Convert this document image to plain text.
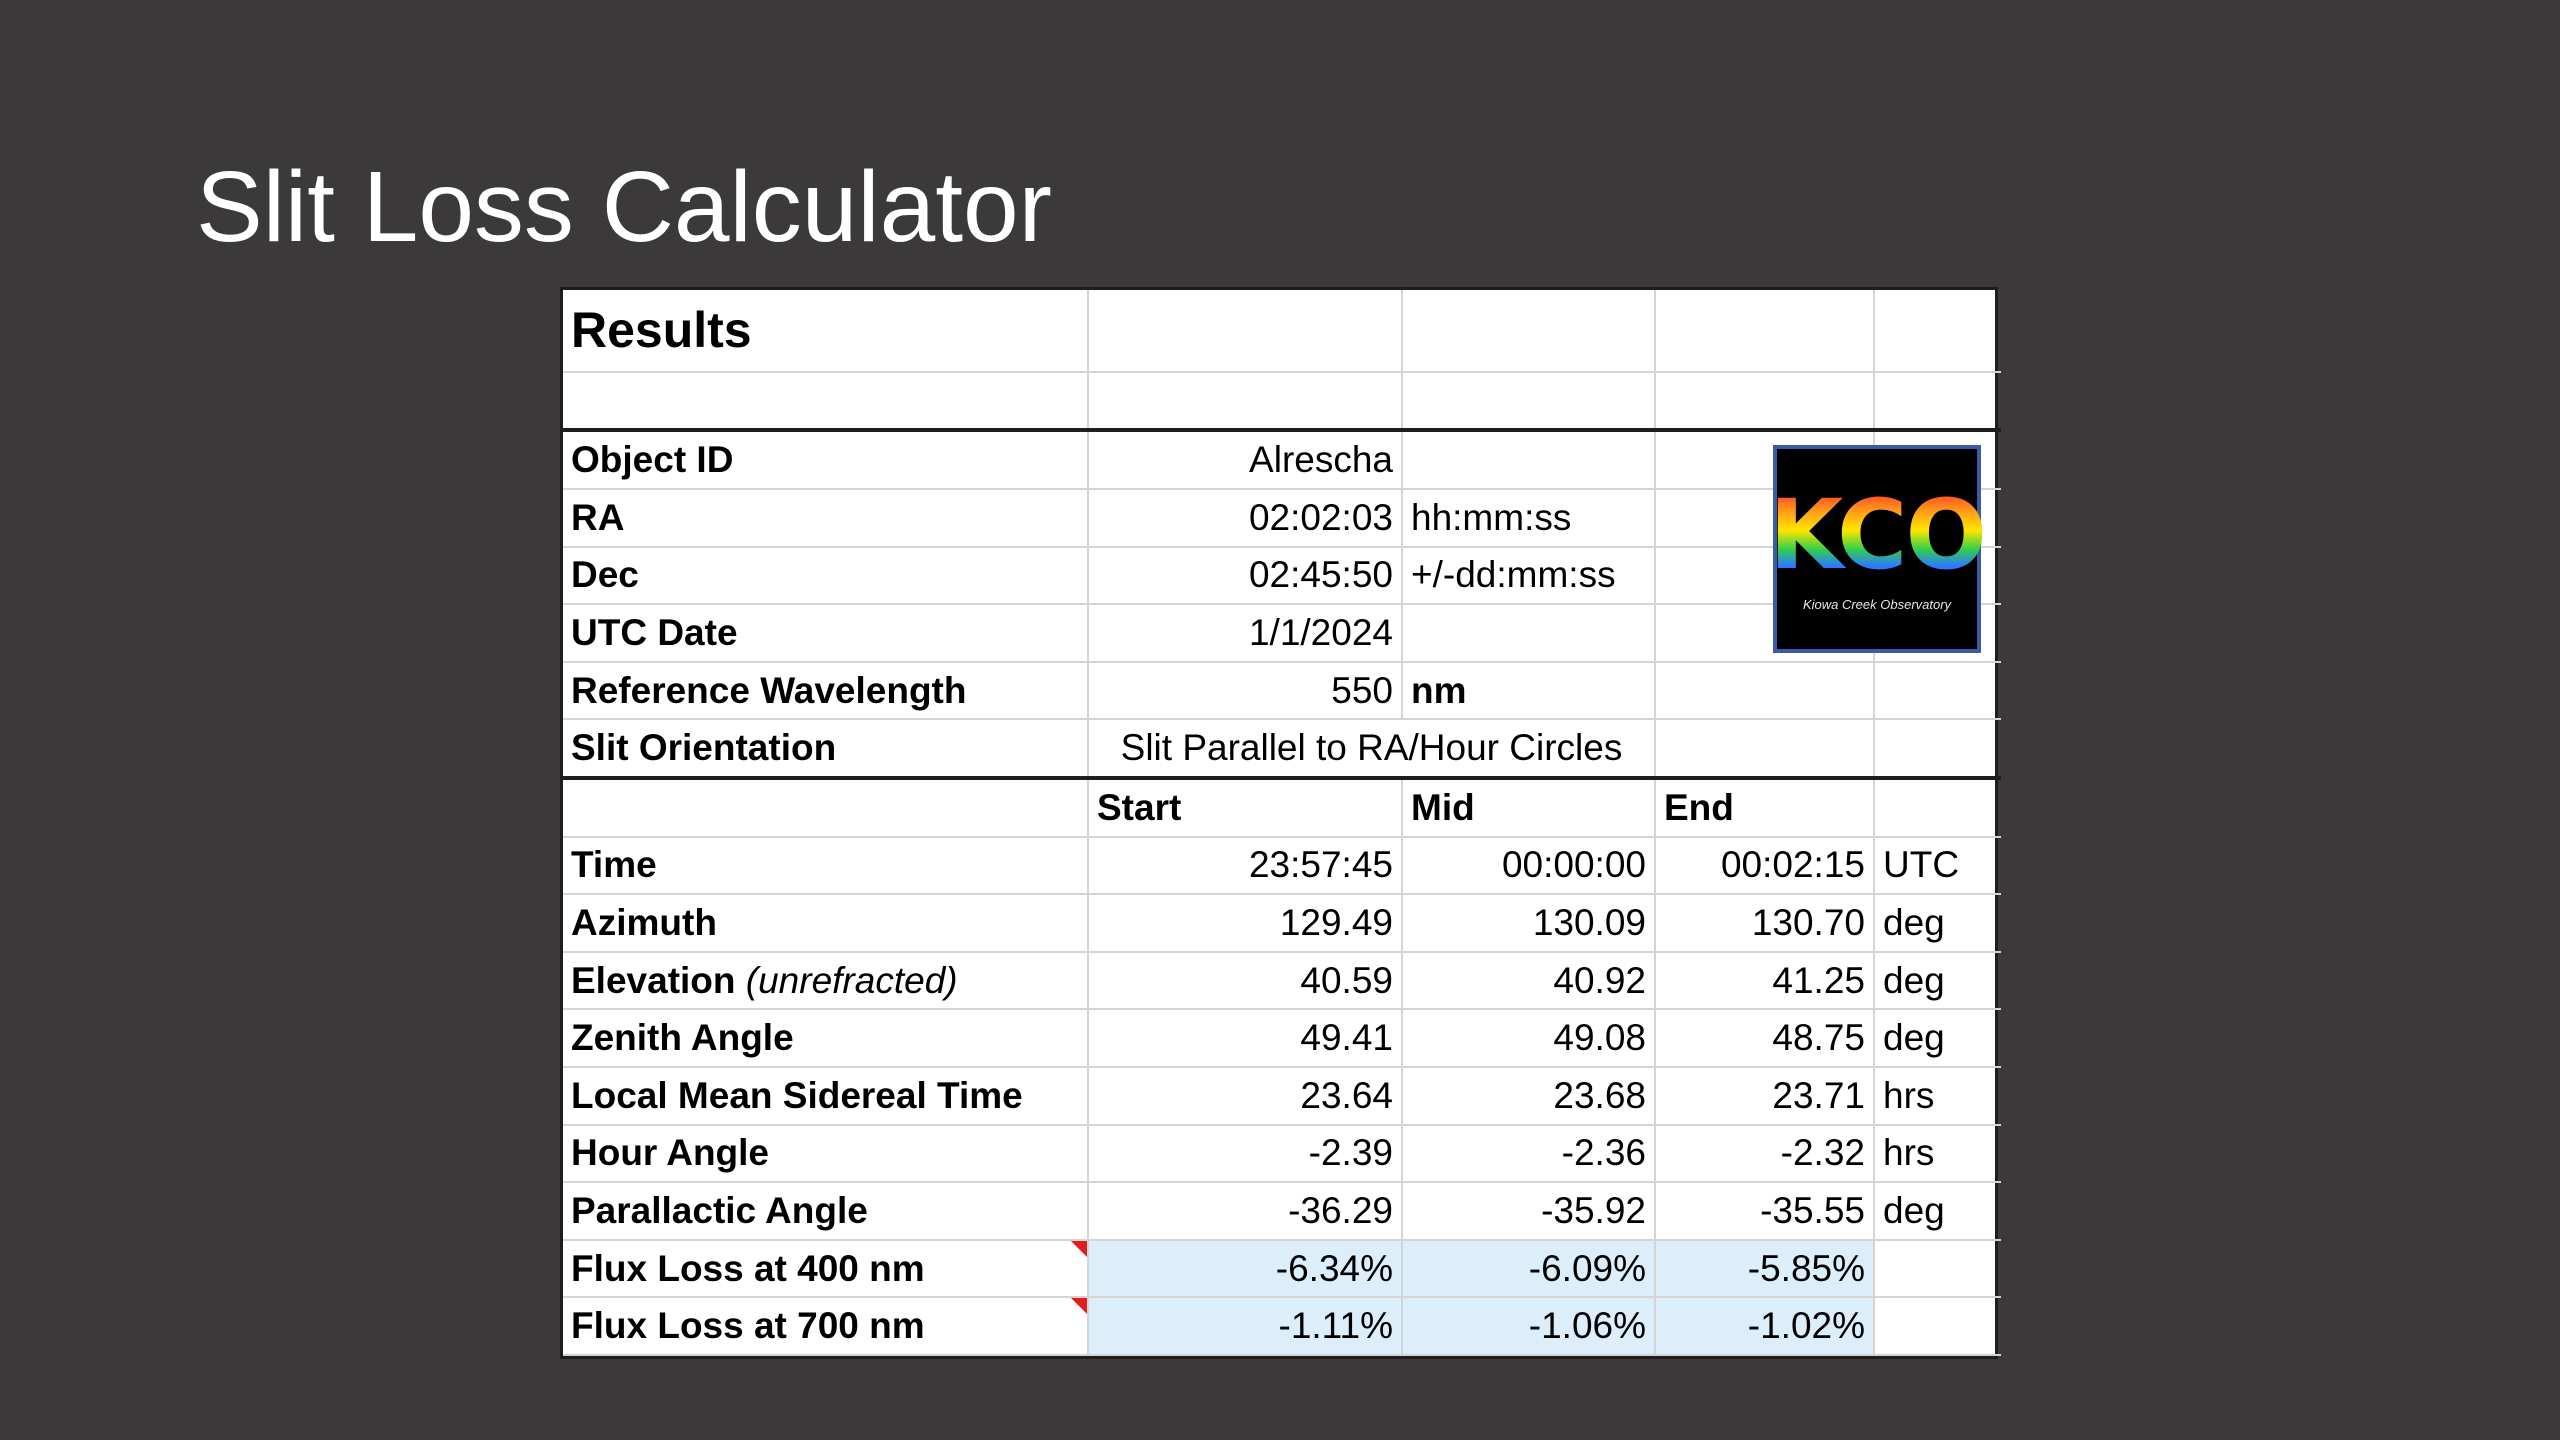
Slit Loss Calculator
Results				

Object ID	Alrescha			
RA	02:02:03	hh:mm:ss		
Dec	02:45:50	+/-dd:mm:ss		
UTC Date	1/1/2024			
Reference Wavelength	550	nm		
Slit Orientation	Slit Parallel to RA/Hour Circles			
	Start	Mid	End	
Time	23:57:45	00:00:00	00:02:15	UTC
Azimuth	129.49	130.09	130.70	deg
Elevation (unrefracted)	40.59	40.92	41.25	deg
Zenith Angle	49.41	49.08	48.75	deg
Local Mean Sidereal Time	23.64	23.68	23.71	hrs
Hour Angle	-2.39	-2.36	-2.32	hrs
Parallactic Angle	-36.29	-35.92	-35.55	deg
Flux Loss at 400 nm	-6.34%	-6.09%	-5.85%	
Flux Loss at 700 nm	-1.11%	-1.06%	-1.02%	
KCO
Kiowa Creek Observatory
